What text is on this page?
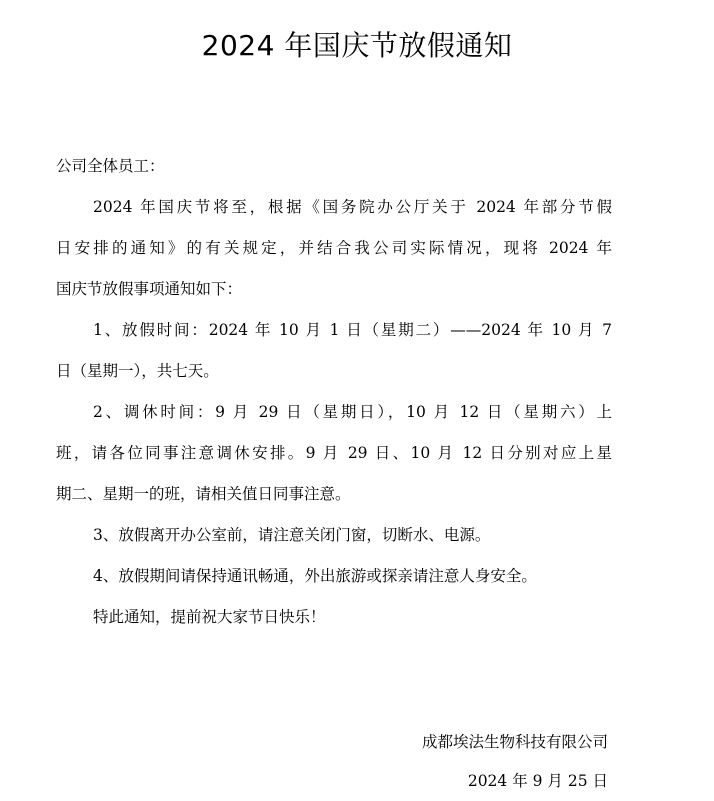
2024 年国庆节放假通知
公司全体员工：
2024 年国庆节将至，根据《国务院办公厅关于 2024 年部分节假
日安排的通知》的有关规定，并结合我公司实际情况，现将 2024 年
国庆节放假事项通知如下：
1、放假时间：2024 年 10 月 1 日（星期二）——2024 年 10 月 7
日（星期一），共七天。
2、调休时间：9 月 29 日（星期日），10 月 12 日（星期六）上
班，请各位同事注意调休安排。9 月 29 日、10 月 12 日分别对应上星
期二、星期一的班，请相关值日同事注意。
3、放假离开办公室前，请注意关闭门窗，切断水、电源。
4、放假期间请保持通讯畅通，外出旅游或探亲请注意人身安全。
特此通知，提前祝大家节日快乐！
成都埃法生物科技有限公司
2024 年 9 月 25 日
